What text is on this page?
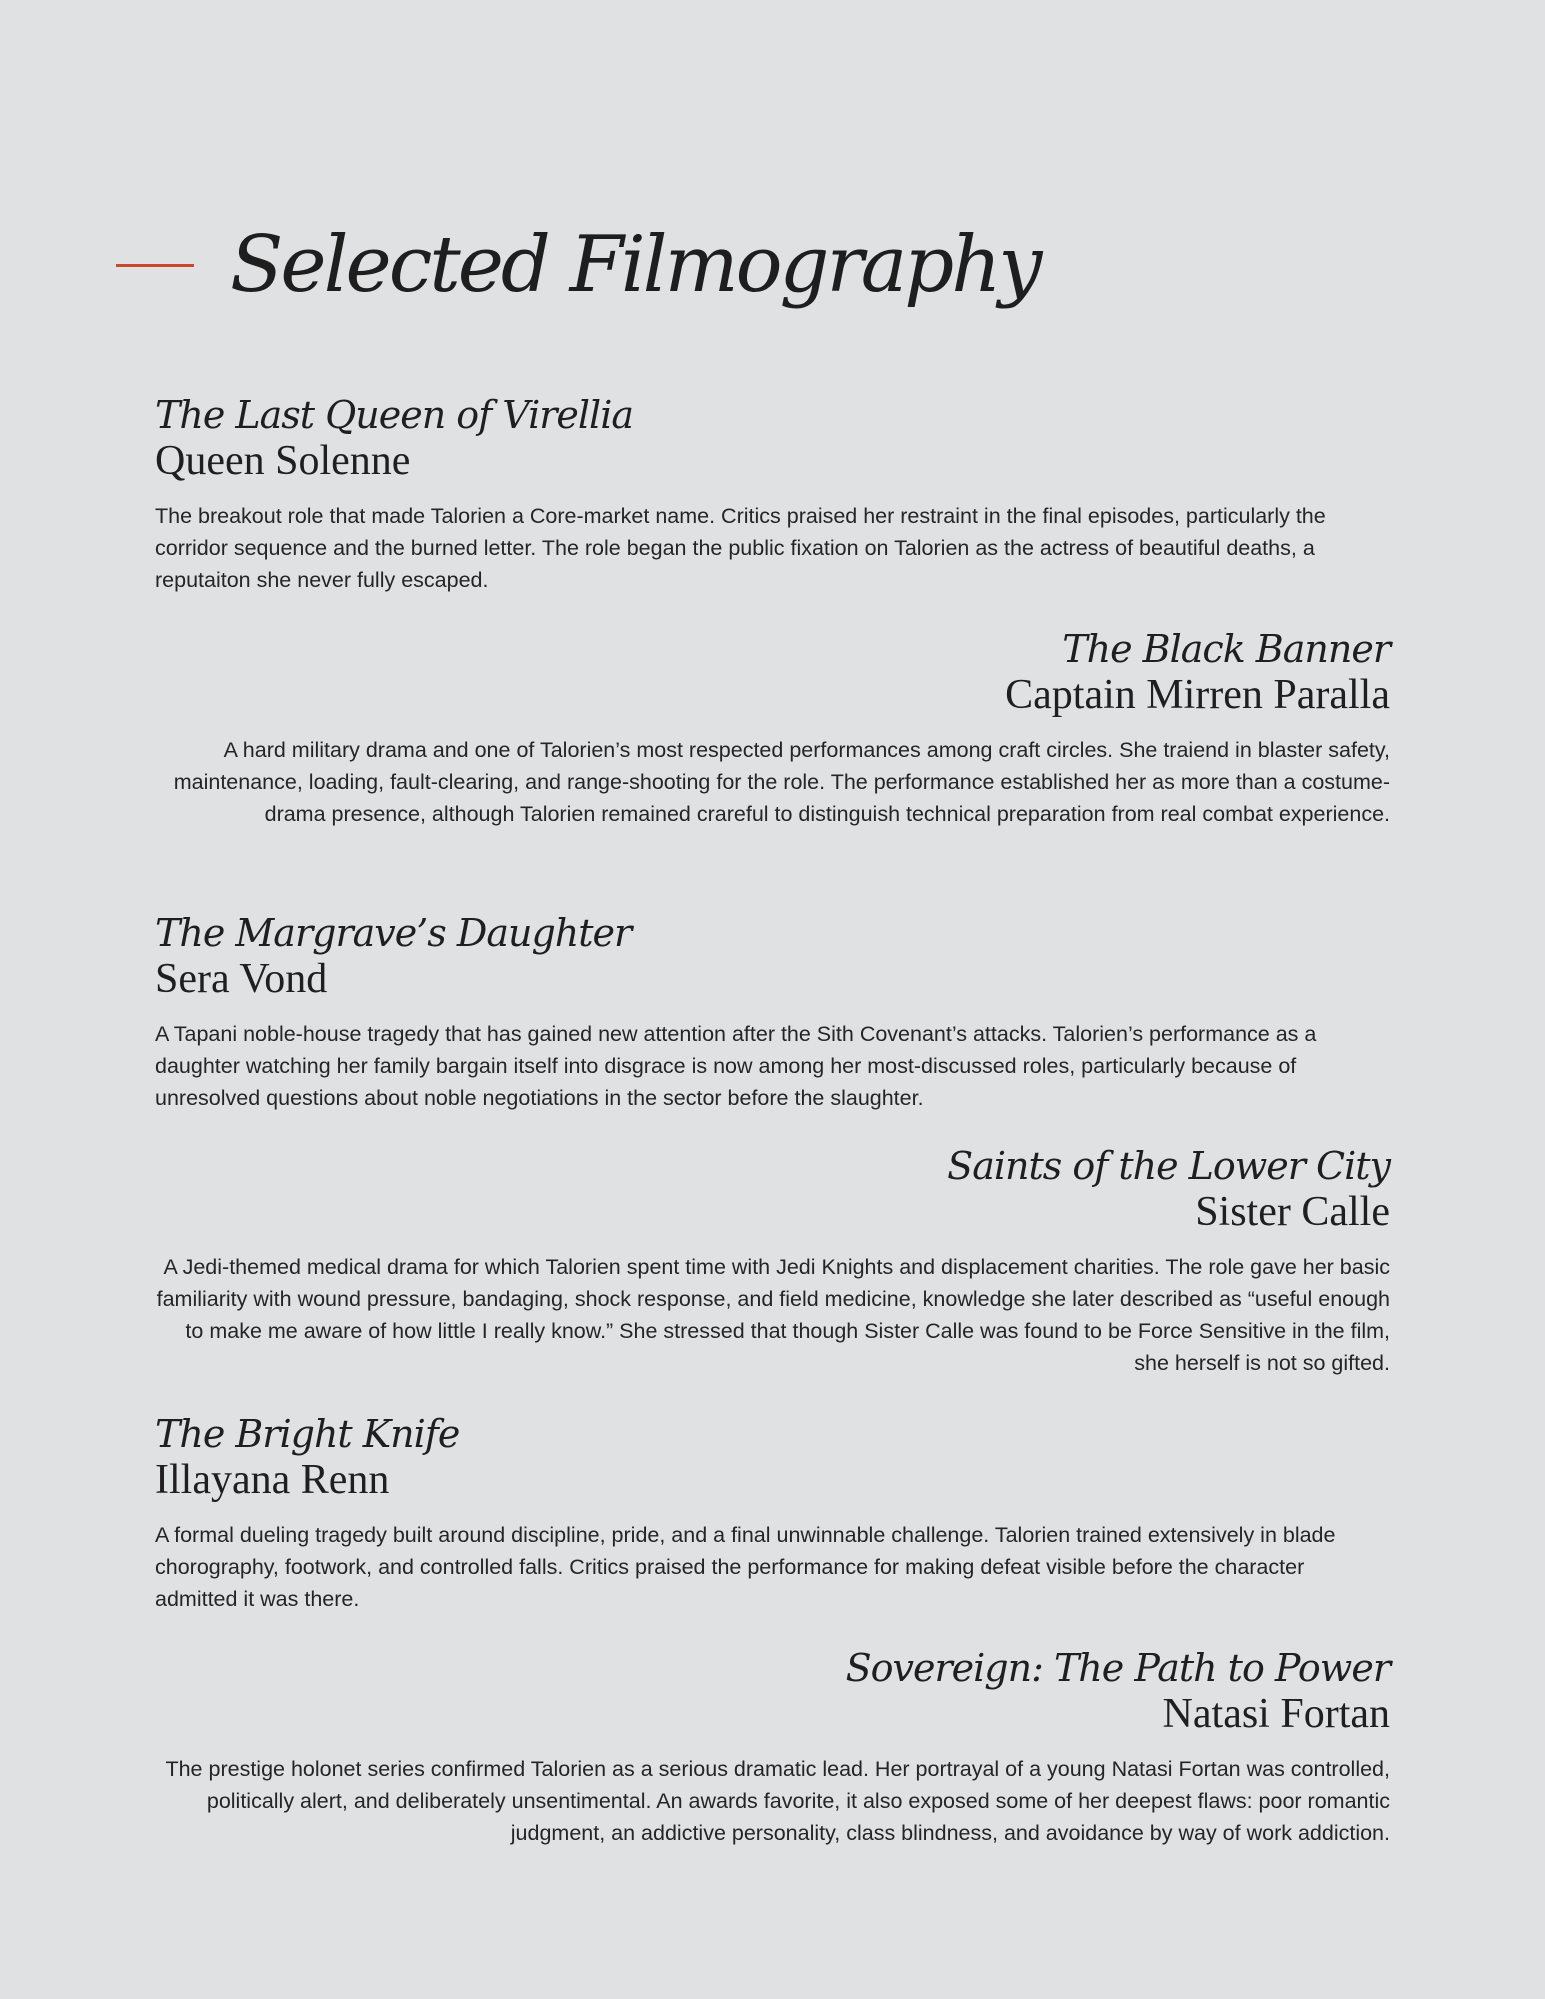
Selected Filmography
The Last Queen of Virellia
Queen Solenne
The breakout role that made Talorien a Core-market name. Critics praised her restraint in the final episodes, particularly the corridor sequence and the burned letter. The role began the public fixation on Talorien as the actress of beautiful deaths, a reputaiton she never fully escaped.
The Black Banner
Captain Mirren Paralla
A hard military drama and one of Talorien’s most respected performances among craft circles. She traiend in blaster safety, maintenance, loading, fault-clearing, and range-shooting for the role. The performance established her as more than a costume-drama presence, although Talorien remained crareful to distinguish technical preparation from real combat experience.
The Margrave’s Daughter
Sera Vond
A Tapani noble-house tragedy that has gained new attention after the Sith Covenant’s attacks. Talorien’s performance as a daughter watching her family bargain itself into disgrace is now among her most-discussed roles, particularly because of unresolved questions about noble negotiations in the sector before the slaughter.
Saints of the Lower City
Sister Calle
A Jedi-themed medical drama for which Talorien spent time with Jedi Knights and displacement charities. The role gave her basic familiarity with wound pressure, bandaging, shock response, and field medicine, knowledge she later described as “useful enough to make me aware of how little I really know.” She stressed that though Sister Calle was found to be Force Sensitive in the film, she herself is not so gifted.
The Bright Knife
Illayana Renn
A formal dueling tragedy built around discipline, pride, and a final unwinnable challenge. Talorien trained extensively in blade chorography, footwork, and controlled falls. Critics praised the performance for making defeat visible before the character admitted it was there.
Sovereign: The Path to Power
Natasi Fortan
The prestige holonet series confirmed Talorien as a serious dramatic lead. Her portrayal of a young Natasi Fortan was controlled, politically alert, and deliberately unsentimental. An awards favorite, it also exposed some of her deepest flaws: poor romantic judgment, an addictive personality, class blindness, and avoidance by way of work addiction.
